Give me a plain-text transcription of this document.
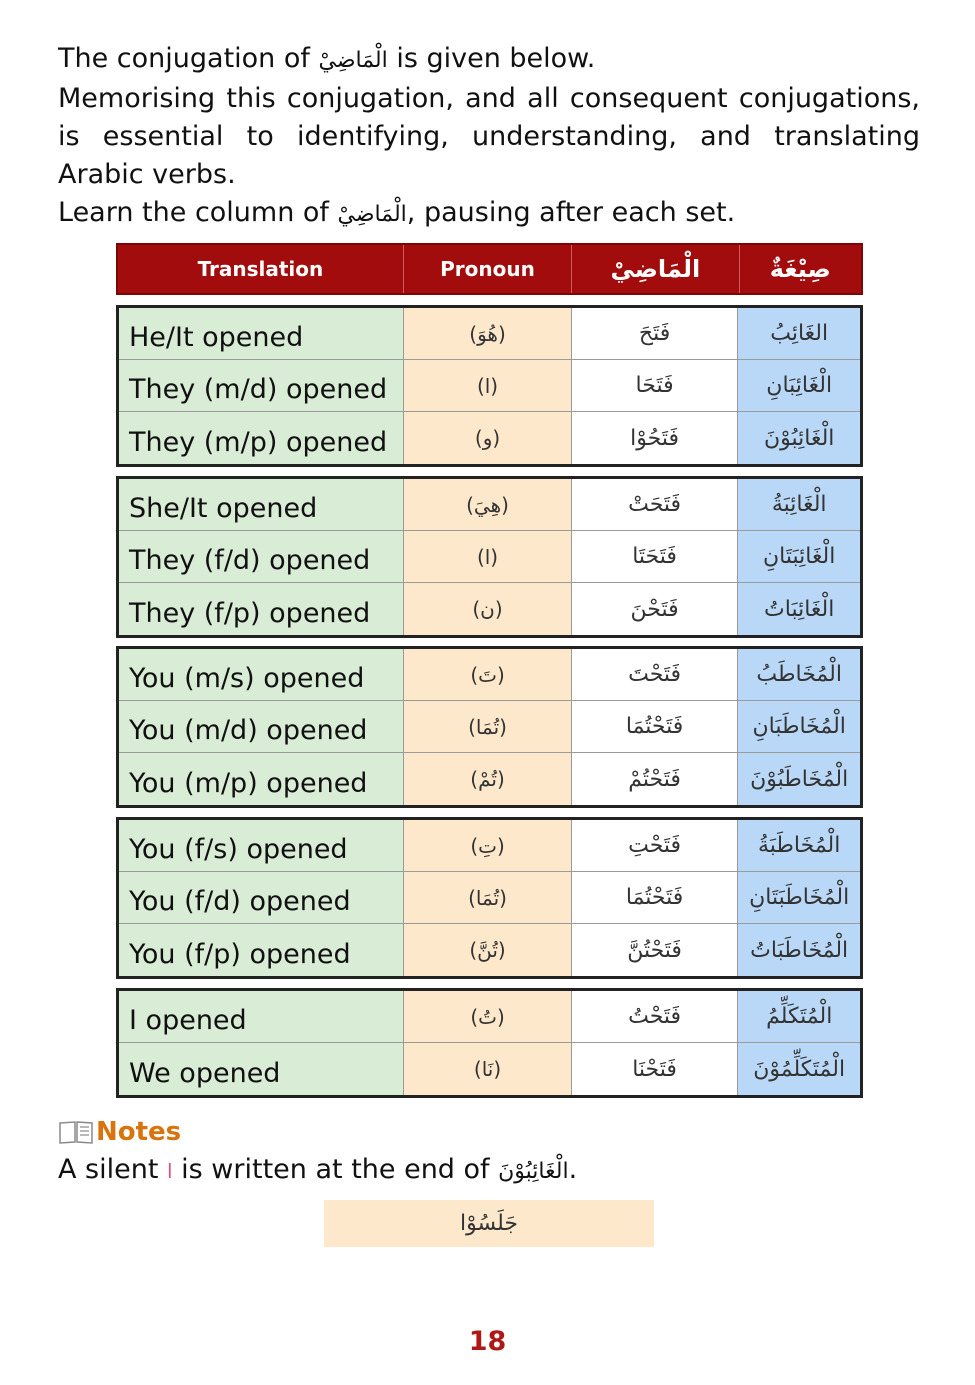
The conjugation of الْمَاضِيْ is given below.

Memorising this conjugation, and all consequent conjugations, is essential to identifying, understanding, and translating Arabic verbs.

Learn the column of الْمَاضِيْ, pausing after each set.

Translation	Pronoun	الْمَاضِيْ	صِيْغَةٌ
He/It opened	(هُوَ)	فَتَحَ	الغَائِبُ
They (m/d) opened	(ا)	فَتَحَا	الْغَائِبَانِ
They (m/p) opened	(و)	فَتَحُوْا	الْغَائِبُوْنَ
She/It opened	(هِيَ)	فَتَحَتْ	الْغَائِبَةُ
They (f/d) opened	(ا)	فَتَحَتَا	الْغَائِبَتَانِ
They (f/p) opened	(ن)	فَتَحْنَ	الْغَائِبَاتُ
You (m/s) opened	(تَ)	فَتَحْتَ	الْمُخَاطَبُ
You (m/d) opened	(تُمَا)	فَتَحْتُمَا	الْمُخَاطَبَانِ
You (m/p) opened	(تُمْ)	فَتَحْتُمْ	الْمُخَاطَبُوْنَ
You (f/s) opened	(تِ)	فَتَحْتِ	الْمُخَاطَبَةُ
You (f/d) opened	(تُمَا)	فَتَحْتُمَا	الْمُخَاطَبَتَانِ
You (f/p) opened	(تُنَّ)	فَتَحْتُنَّ	الْمُخَاطَبَاتُ
I opened	(تُ)	فَتَحْتُ	الْمُتَكَلِّمُ
We opened	(نَا)	فَتَحْنَا	الْمُتَكَلِّمُوْنَ
Notes
A silent ا is written at the end of الْغَائِبُوْنَ.
جَلَسُوْا
18
